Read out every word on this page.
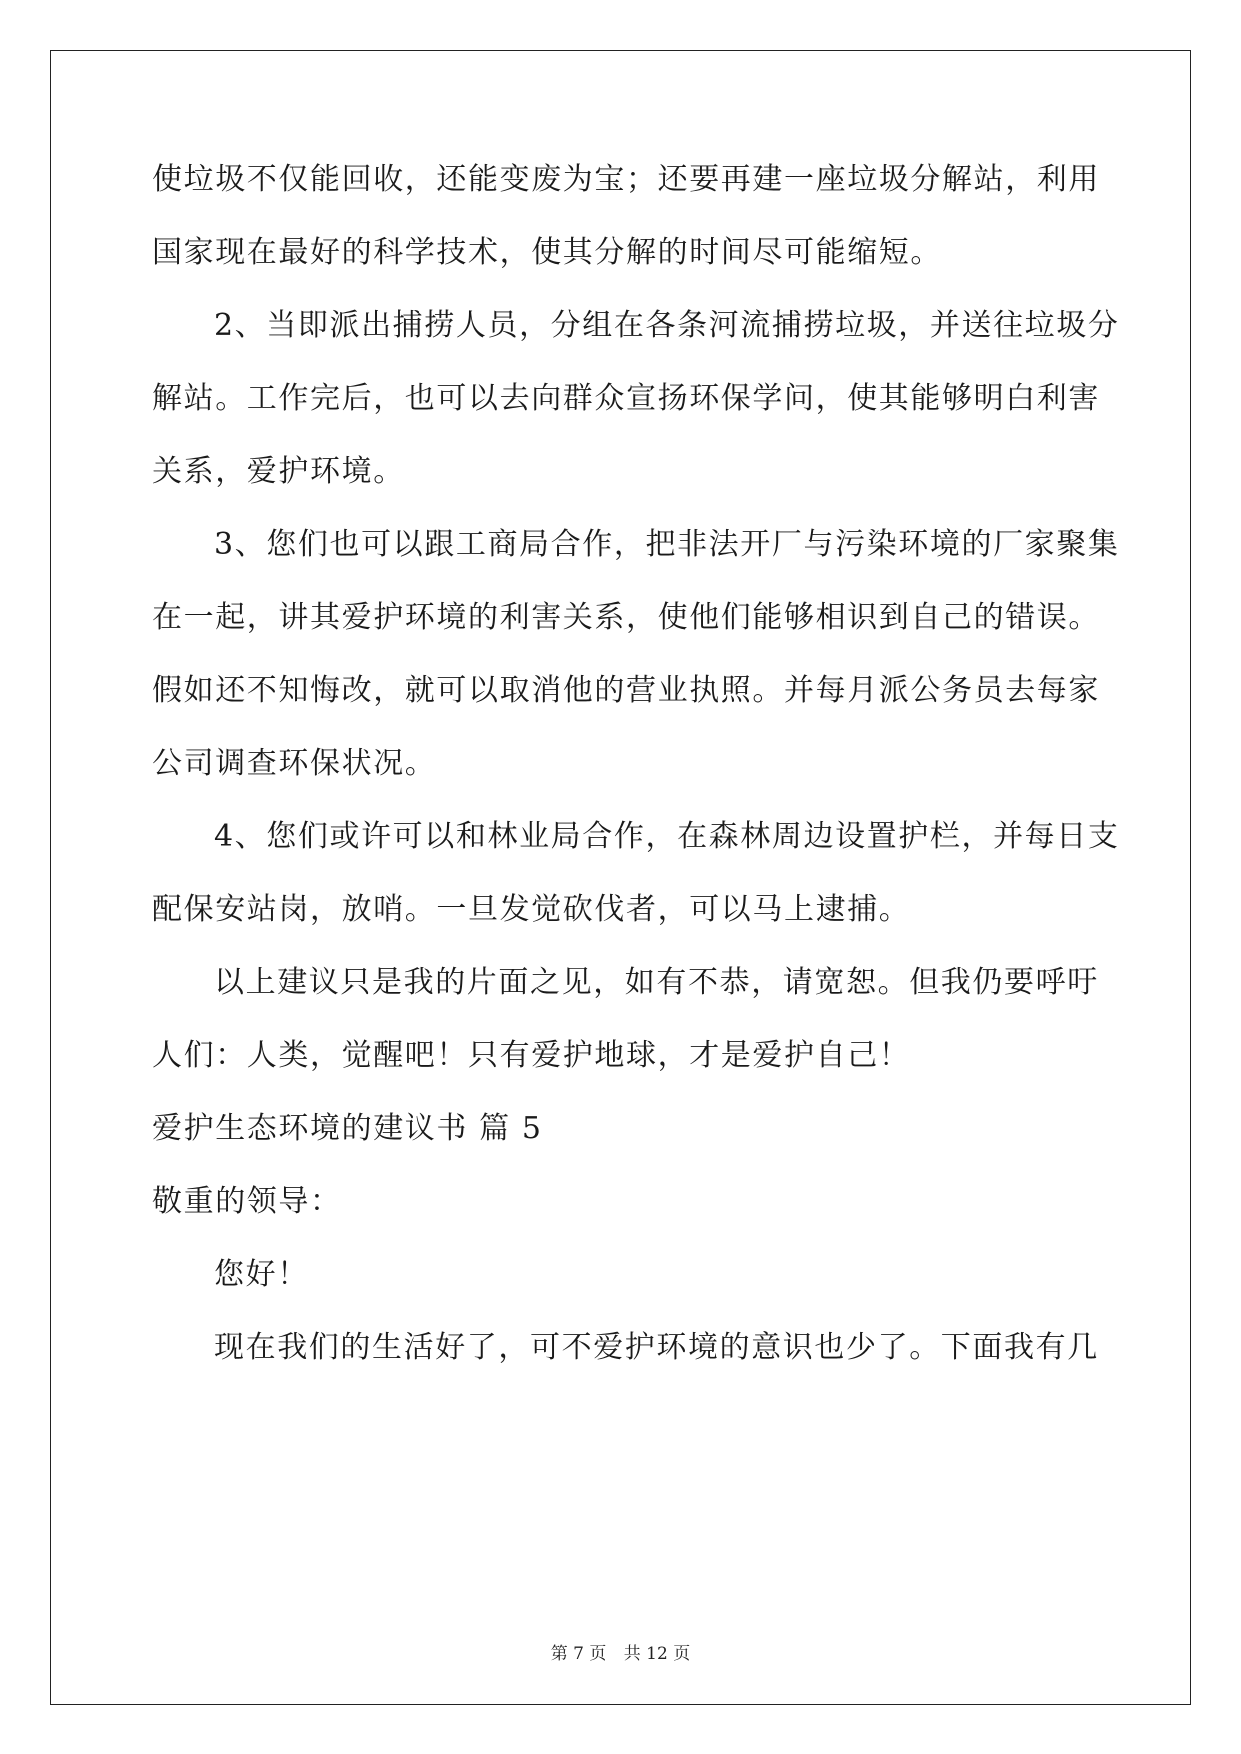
使垃圾不仅能回收，还能变废为宝；还要再建一座垃圾分解站，利用
国家现在最好的科学技术，使其分解的时间尽可能缩短。
2、当即派出捕捞人员，分组在各条河流捕捞垃圾，并送往垃圾分
解站。工作完后，也可以去向群众宣扬环保学问，使其能够明白利害
关系，爱护环境。
3、您们也可以跟工商局合作，把非法开厂与污染环境的厂家聚集
在一起，讲其爱护环境的利害关系，使他们能够相识到自己的错误。
假如还不知悔改，就可以取消他的营业执照。并每月派公务员去每家
公司调查环保状况。
4、您们或许可以和林业局合作，在森林周边设置护栏，并每日支
配保安站岗，放哨。一旦发觉砍伐者，可以马上逮捕。
以上建议只是我的片面之见，如有不恭，请宽恕。但我仍要呼吁
人们：人类，觉醒吧！只有爱护地球，才是爱护自己！
爱护生态环境的建议书 篇 5
敬重的领导：
您好！
现在我们的生活好了，可不爱护环境的意识也少了。下面我有几
第 7 页 共 12 页
